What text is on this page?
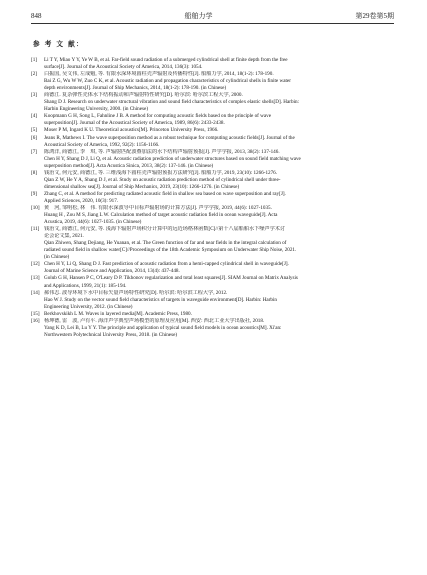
848	船舶力学	第29卷第5期
参 考 文 献：
[1]	Li T Y, Miao Y Y, Ye W B, et al. Far-field sound radiation of a submerged cylindrical shell at finite depth from the free
surface[J]. Journal of the Acoustical Society of America, 2014, 136(3): 1054.
[2]	白振国, 吴文伟, 左成魁, 等. 有限水深环境圆柱壳声辐射及传播特性[J]. 船舶力学, 2014, 18(1-2): 178-190.
Bai Z G, Wu W W, Zuo C K, et al. Acoustic radiation and propagation characteristics of cylindrical shells in finite water
depth environments[J]. Journal of Ship Mechanics, 2014, 18(1-2): 178-190. (in Chinese)
[3]	商德江. 复杂弹性壳体水下结构振动和声辐射特性研究[D]. 哈尔滨: 哈尔滨工程大学, 2000.
Shang D J. Research on underwater structural vibration and sound field characteristics of complex elastic shells[D]. Harbin:
Harbin Engineering University, 2000. (in Chinese)
[4]	Koopmann G H, Song L, Fahnline J B. A method for computing acoustic fields based on the principle of wave
superposition[J]. Journal of the Acoustical Society of America, 1989, 86(6): 2433-2438.
[5]	Moser P M, Ingard K U. Theoretical acoustics[M]. Princeton University Press, 1966.
[6]	Jeans R, Mathews I. The wave superposition method as a robust technique for computing acoustic fields[J]. Journal of the
Acoustical Society of America, 1992, 92(2): 1156-1166.
[7]	陈鸿洋, 商德江, 李　琪, 等. 声辐射匹配波叠加法的水下结构声辐射预报[J]. 声学学报, 2013, 38(2): 137-146.
Chen H Y, Shang D J, Li Q, et al. Acoustic radiation prediction of underwater structures based on sound field matching wave
superposition method[J]. Acta Acustica Sinica, 2013, 38(2): 137-146. (in Chinese)
[8]	钱治文, 何元安, 商德江, 等. 三维浅海下圆柱壳声辐射预报方法研究[J]. 船舶力学, 2019, 23(10): 1266-1276.
Qian Z W, He Y A, Shang D J, et al. Study on acoustic radiation prediction method of cylindrical shell under three-
dimensional shallow sea[J]. Journal of Ship Mechanics, 2019, 23(10): 1266-1276. (in Chinese)
[9]	Zhang C, et al. A method for predicting radiated acoustic field in shallow sea based on wave superposition and ray[J].
Applied Sciences, 2020, 10(3): 917.
[10] 黄　河, 邹明松, 林　伟. 有限水深波导中目标声辐射场的计算方法[J]. 声学学报, 2019, 44(6): 1027-1035.
Huang H , Zou M S, Jiang L W. Calculation method of target acoustic radiation field in ocean waveguide[J]. Acta
Acustica, 2019, 44(6): 1027-1035. (in Chinese)
[11] 钱治文, 商德江, 何元安, 等. 浅海下辐射声场积分计算中的远近场格林函数[C]//第十八届船舶水下噪声学术讨
论会论文集, 2021.
Qian Zhiwen, Shang Dejiang, He Yuanan, et al. The Green function of far and near fields in the integral calculation of
radiated sound field in shallow water[C]//Proceedings of the 18th Academic Symposium on Underwater Ship Noise, 2021.
(in Chinese)
[12] Chen H Y, Li Q, Shang D J. Fast prediction of acoustic radiation from a hemi-capped cylindrical shell in waveguide[J].
Journal of Marine Science and Application, 2014, 13(4): 437-448.
[13] Golub G H, Hansen P C, O'Leary D P. Tikhonov regularization and total least squares[J]. SIAM Journal on Matrix Analysis
and Applications, 1999, 21(1): 185-194.
[14] 郝伟志. 波导环境下水中目标矢量声场特性研究[D]. 哈尔滨: 哈尔滨工程大学, 2012.
Hao W J. Study on the vector sound field characteristics of targets in waveguide environment[D]. Harbin: Harbin
Engineering University, 2012. (in Chinese)
[15] Berkhovskikh L M. Waves in layered media[M]. Academic Press, 1980.
[16] 杨坤德, 雷　波, 卢有平. 海洋声学典型声场模型的原理及应用[M]. 西安: 西北工业大学出版社, 2018.
Yang K D, Lei B, Lu Y Y. The principle and application of typical sound field models in ocean acoustics[M]. Xi'an:
Northwestern Polytechnical University Press, 2018. (in Chinese)
